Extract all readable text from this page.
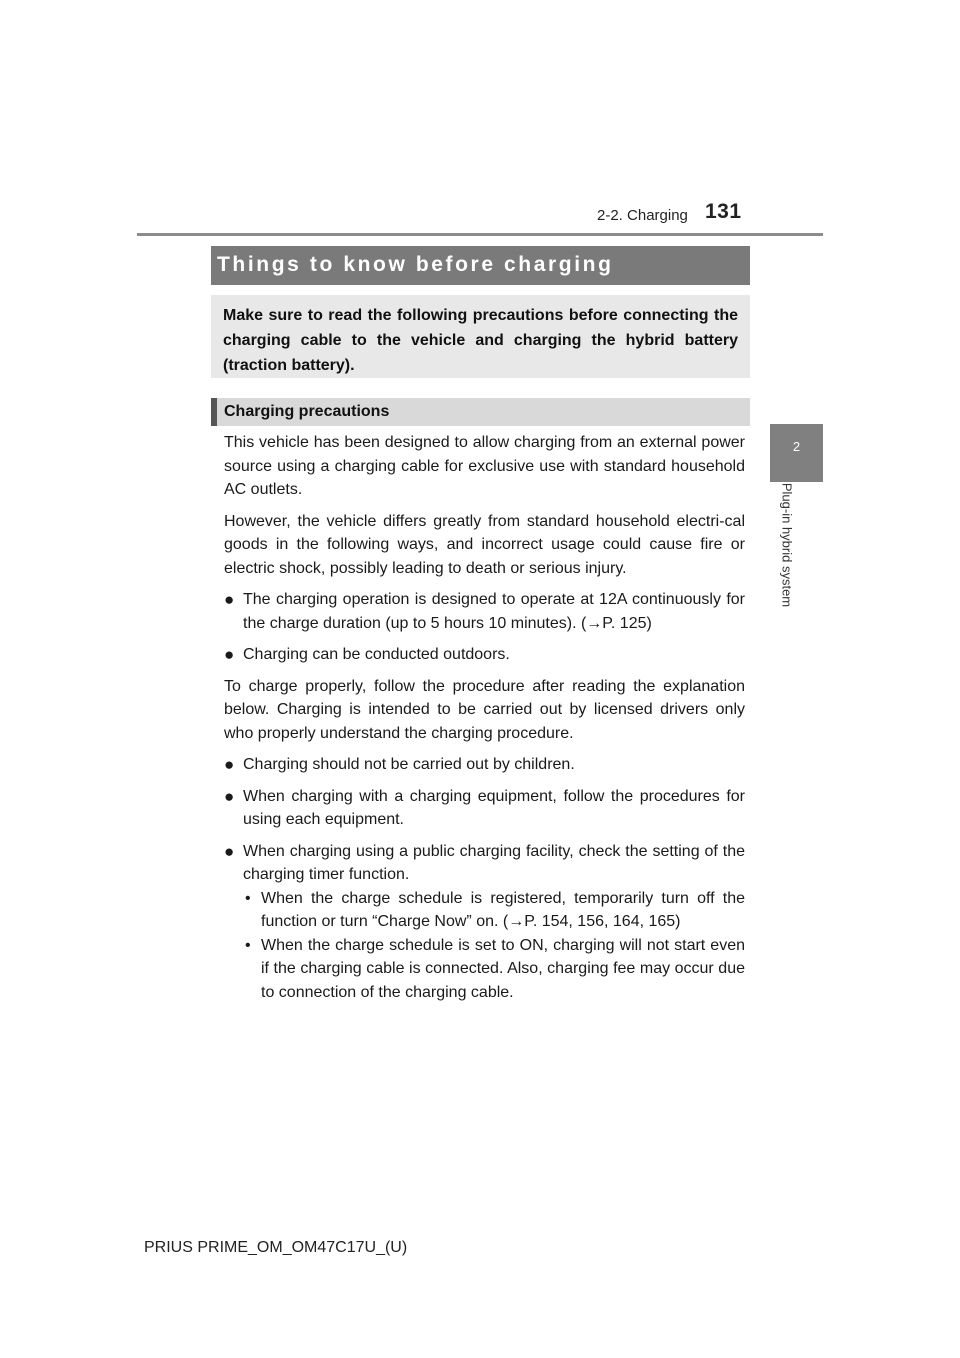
2-2. Charging 131
2
Plug-in hybrid system
Things to know before charging

Make sure to read the following precautions before connecting the charging cable to the vehicle and charging the hybrid battery (traction battery).

Charging precautions

This vehicle has been designed to allow charging from an external power source using a charging cable for exclusive use with standard household AC outlets.

However, the vehicle differs greatly from standard household electri-cal goods in the following ways, and incorrect usage could cause fire or electric shock, possibly leading to death or serious injury.

● The charging operation is designed to operate at 12A continuously for the charge duration (up to 5 hours 10 minutes). (→P. 125)
● Charging can be conducted outdoors.

To charge properly, follow the procedure after reading the explanation below. Charging is intended to be carried out by licensed drivers only who properly understand the charging procedure.

● Charging should not be carried out by children.
● When charging with a charging equipment, follow the procedures for using each equipment.
● When charging using a public charging facility, check the setting of the charging timer function.
• When the charge schedule is registered, temporarily turn off the function or turn “Charge Now” on. (→P. 154, 156, 164, 165)
• When the charge schedule is set to ON, charging will not start even if the charging cable is connected. Also, charging fee may occur due to connection of the charging cable.
PRIUS PRIME_OM_OM47C17U_(U)
